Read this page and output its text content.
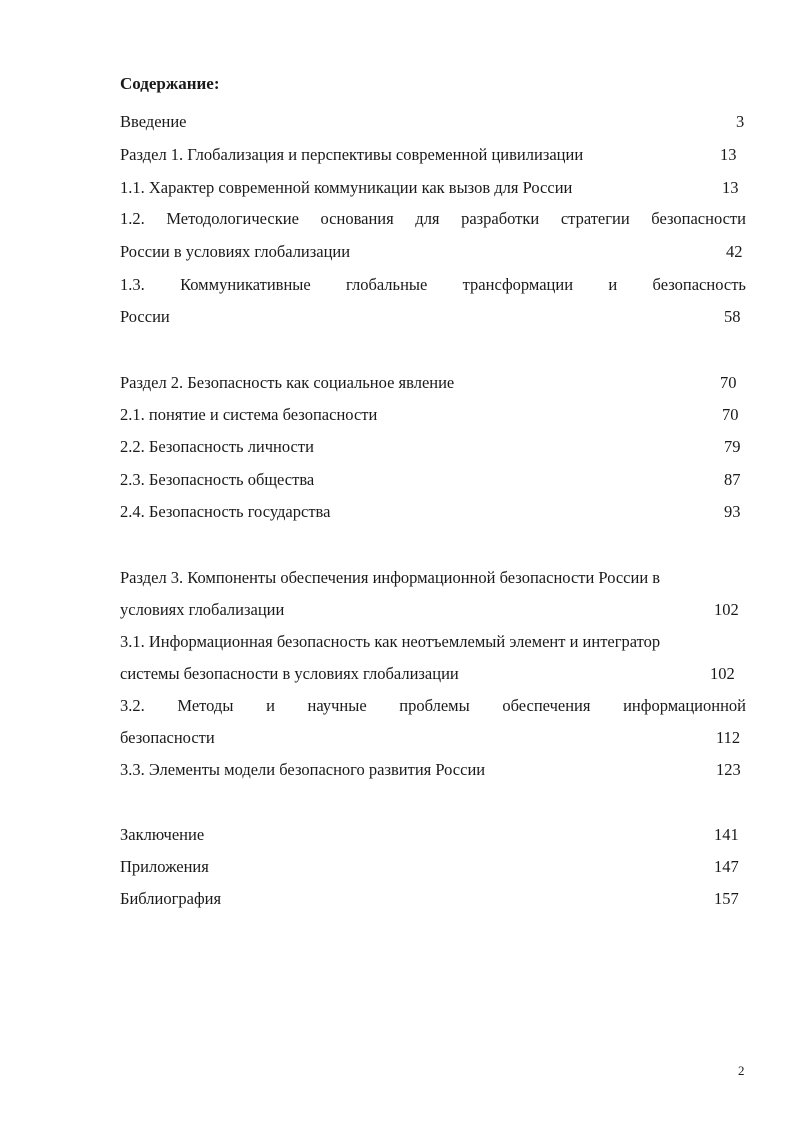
Содержание:
Введение	3
Раздел 1. Глобализация и перспективы современной цивилизации	13
1.1. Характер современной коммуникации как вызов для России	13
1.2. Методологические основания для разработки стратегии безопасности
России в условиях глобализации	42
1.3. Коммуникативные глобальные трансформации и безопасность
России	58
Раздел 2. Безопасность как социальное явление	70
2.1. понятие и система безопасности	70
2.2. Безопасность личности	79
2.3. Безопасность общества	87
2.4. Безопасность государства	93
Раздел 3. Компоненты обеспечения информационной безопасности России в
условиях глобализации	102
3.1. Информационная безопасность как неотъемлемый элемент и интегратор
системы безопасности в условиях глобализации	102
3.2. Методы и научные проблемы обеспечения информационной
безопасности	112
3.3. Элементы модели безопасного развития России	123
Заключение	141
Приложения	147
Библиография	157
2
